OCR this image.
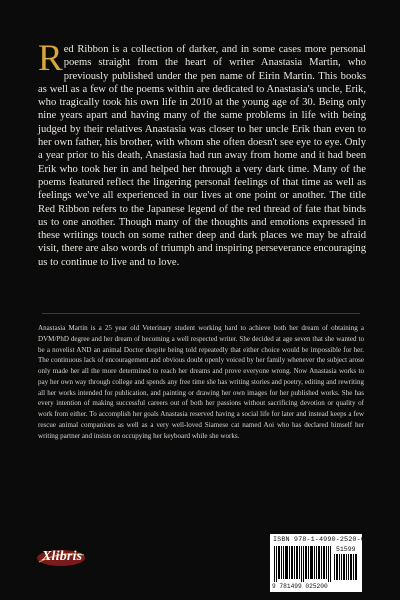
Red Ribbon is a collection of darker, and in some cases more personal poems straight from the heart of writer Anastasia Martin, who previously published under the pen name of Eirin Martin. This books as well as a few of the poems within are dedicated to Anastasia's uncle, Erik, who tragically took his own life in 2010 at the young age of 30. Being only nine years apart and having many of the same problems in life with being judged by their relatives Anastasia was closer to her uncle Erik than even to her own father, his brother, with whom she often doesn't see eye to eye. Only a year prior to his death, Anastasia had run away from home and it had been Erik who took her in and helped her through a very dark time. Many of the poems featured reflect the lingering personal feelings of that time as well as feelings we've all experienced in our lives at one point or another. The title Red Ribbon refers to the Japanese legend of the red thread of fate that binds us to one another. Though many of the thoughts and emotions expressed in these writings touch on some rather deep and dark places we may be afraid visit, there are also words of triumph and inspiring perseverance encouraging us to continue to live and to love.

Anastasia Martin is a 25 year old Veterinary student working hard to achieve both her dream of obtaining a DVM/PhD degree and her dream of becoming a well respected writer. She decided at age seven that she wanted to be a novelist AND an animal Doctor despite being told repeatedly that either choice would be impossible for her. The continuous lack of encouragement and obvious doubt openly voiced by her family whenever the subject arose only made her all the more determined to reach her dreams and prove everyone wrong. Now Anastasia works to pay her own way through college and spends any free time she has writing stories and poetry, editing and rewriting all her works intended for publication, and painting or drawing her own images for her published works. She has every intention of making successful careers out of both her passions without sacrificing devotion or quality of work from either. To accomplish her goals Anastasia reserved having a social life for later and instead keeps a few rescue animal companions as well as a very well-loved Siamese cat named Aoi who has declared himself her writing partner and insists on occupying her keyboard while she works.

Xlibris
ISBN 978-1-4990-2520-0
51599
9 781499 025200
